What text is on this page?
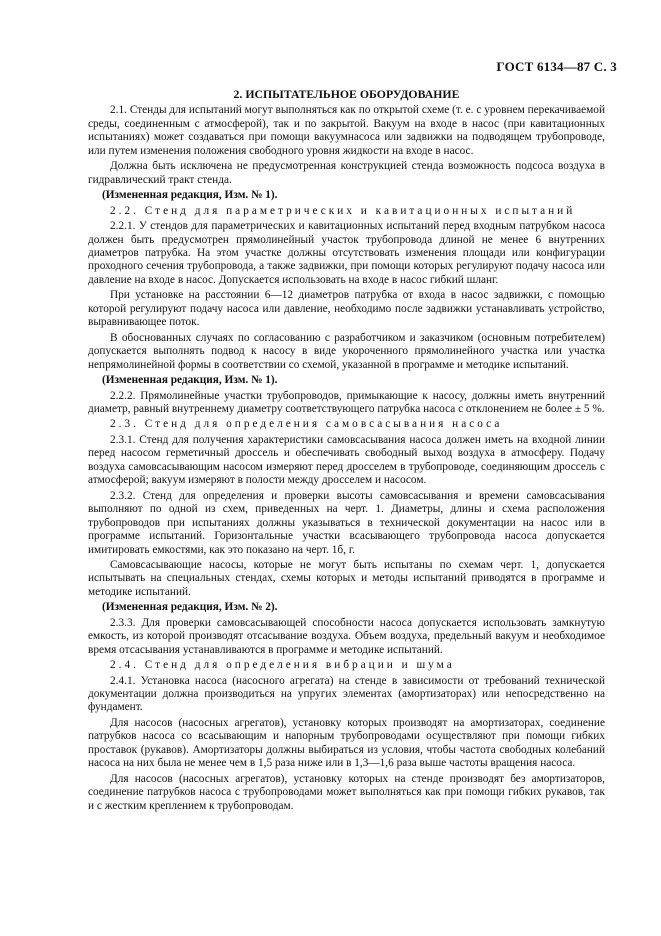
ГОСТ 6134—87 С. 3
2. ИСПЫТАТЕЛЬНОЕ ОБОРУДОВАНИЕ

2.1. Стенды для испытаний могут выполняться как по открытой схеме (т. е. с уровнем перекачиваемой среды, соединенным с атмосферой), так и по закрытой. Вакуум на входе в насос (при кавитационных испытаниях) может создаваться при помощи вакуумнасоса или задвижки на подводящем трубопроводе, или путем изменения положения свободного уровня жидкости на входе в насос.

Должна быть исключена не предусмотренная конструкцией стенда возможность подсоса воздуха в гидравлический тракт стенда.

(Измененная редакция, Изм. № 1).

2.2. Стенд для параметрических и кавитационных испытаний

2.2.1. У стендов для параметрических и кавитационных испытаний перед входным патрубком насоса должен быть предусмотрен прямолинейный участок трубопровода длиной не менее 6 внутренних диаметров патрубка. На этом участке должны отсутствовать изменения площади или конфигурации проходного сечения трубопровода, а также задвижки, при помощи которых регулируют подачу насоса или давление на входе в насос. Допускается использовать на входе в насос гибкий шланг.

При установке на расстоянии 6—12 диаметров патрубка от входа в насос задвижки, с помощью которой регулируют подачу насоса или давление, необходимо после задвижки устанавливать устройство, выравнивающее поток.

В обоснованных случаях по согласованию с разработчиком и заказчиком (основным потребителем) допускается выполнять подвод к насосу в виде укороченного прямолинейного участка или участка непрямолинейной формы в соответствии со схемой, указанной в программе и методике испытаний.

(Измененная редакция, Изм. № 1).

2.2.2. Прямолинейные участки трубопроводов, примыкающие к насосу, должны иметь внутренний диаметр, равный внутреннему диаметру соответствующего патрубка насоса с отклонением не более ± 5 %.

2.3. Стенд для определения самовсасывания насоса

2.3.1. Стенд для получения характеристики самовсасывания насоса должен иметь на входной линии перед насосом герметичный дроссель и обеспечивать свободный выход воздуха в атмосферу. Подачу воздуха самовсасывающим насосом измеряют перед дросселем в трубопроводе, соединяющим дроссель с атмосферой; вакуум измеряют в полости между дросселем и насосом.

2.3.2. Стенд для определения и проверки высоты самовсасывания и времени самовсасывания выполняют по одной из схем, приведенных на черт. 1. Диаметры, длины и схема расположения трубопроводов при испытаниях должны указываться в технической документации на насос или в программе испытаний. Горизонтальные участки всасывающего трубопровода насоса допускается имитировать емкостями, как это показано на черт. 1б, г.

Самовсасывающие насосы, которые не могут быть испытаны по схемам черт. 1, допускается испытывать на специальных стендах, схемы которых и методы испытаний приводятся в программе и методике испытаний.

(Измененная редакция, Изм. № 2).

2.3.3. Для проверки самовсасывающей способности насоса допускается использовать замкнутую емкость, из которой производят отсасывание воздуха. Объем воздуха, предельный вакуум и необходимое время отсасывания устанавливаются в программе и методике испытаний.

2.4. Стенд для определения вибрации и шума

2.4.1. Установка насоса (насосного агрегата) на стенде в зависимости от требований технической документации должна производиться на упругих элементах (амортизаторах) или непосредственно на фундамент.

Для насосов (насосных агрегатов), установку которых производят на амортизаторах, соединение патрубков насоса со всасывающим и напорным трубопроводами осуществляют при помощи гибких проставок (рукавов). Амортизаторы должны выбираться из условия, чтобы частота свободных колебаний насоса на них была не менее чем в 1,5 раза ниже или в 1,3—1,6 раза выше частоты вращения насоса.

Для насосов (насосных агрегатов), установку которых на стенде производят без амортизаторов, соединение патрубков насоса с трубопроводами может выполняться как при помощи гибких рукавов, так и с жестким креплением к трубопроводам.
